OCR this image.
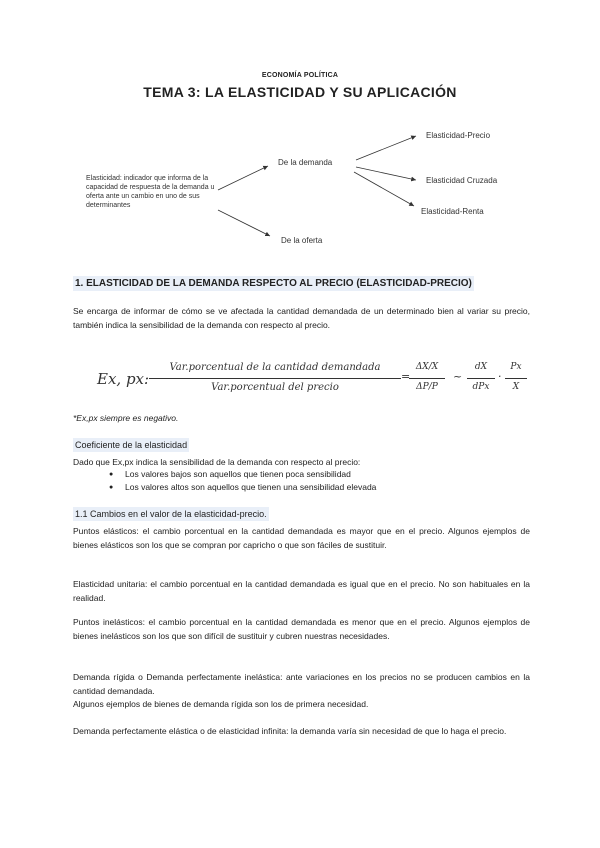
ECONOMÍA POLÍTICA
TEMA 3: LA ELASTICIDAD Y SU APLICACIÓN
Elasticidad: indicador que informa de la capacidad de respuesta de la demanda u oferta ante un cambio en uno de sus determinantes
De la demanda
De la oferta
Elasticidad-Precio
Elasticidad Cruzada
Elasticidad-Renta
1. ELASTICIDAD DE LA DEMANDA RESPECTO AL PRECIO (ELASTICIDAD-PRECIO)
Se encarga de informar de cómo se ve afectada la cantidad demandada de un determinado bien al variar su precio, también indica la sensibilidad de la demanda con respecto al precio.
Ex, px:
Var.porcentual de la cantidad demandada
Var.porcentual del precio
=
ΔX/X
ΔP/P
~
dX
dPx
·
Px
X
*Ex,px siempre es negativo.
Coeficiente de la elasticidad
Dado que Ex,px indica la sensibilidad de la demanda con respecto al precio:
● Los valores bajos son aquellos que tienen poca sensibilidad
● Los valores altos son aquellos que tienen una sensibilidad elevada
1.1 Cambios en el valor de la elasticidad-precio.
Puntos elásticos: el cambio porcentual en la cantidad demandada es mayor que en el precio. Algunos ejemplos de bienes elásticos son los que se compran por capricho o que son fáciles de sustituir.
Elasticidad unitaria: el cambio porcentual en la cantidad demandada es igual que en el precio. No son habituales en la realidad.
Puntos inelásticos: el cambio porcentual en la cantidad demandada es menor que en el precio. Algunos ejemplos de bienes inelásticos son los que son difícil de sustituir y cubren nuestras necesidades.
Demanda rígida o Demanda perfectamente inelástica: ante variaciones en los precios no se producen cambios en la cantidad demandada.
Algunos ejemplos de bienes de demanda rígida son los de primera necesidad.
Demanda perfectamente elástica o de elasticidad infinita: la demanda varía sin necesidad de que lo haga el precio.
